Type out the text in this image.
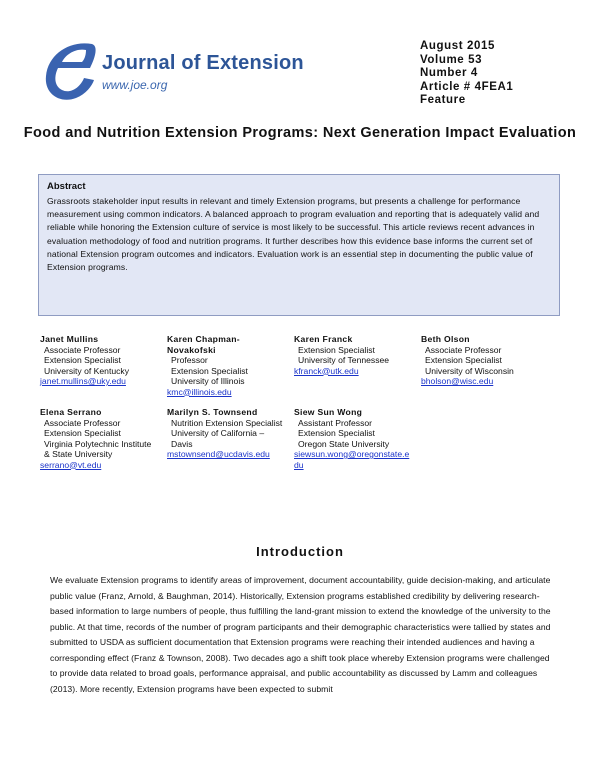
Journal of Extension
www.joe.org
August 2015
Volume 53
Number 4
Article # 4FEA1
Feature
Food and Nutrition Extension Programs: Next Generation Impact Evaluation
Abstract
Grassroots stakeholder input results in relevant and timely Extension programs, but presents a challenge for performance measurement using common indicators. A balanced approach to program evaluation and reporting that is adequately valid and reliable while honoring the Extension culture of service is most likely to be successful. This article reviews recent advances in evaluation methodology of food and nutrition programs. It further describes how this evidence base informs the current set of national Extension program outcomes and indicators. Evaluation work is an essential step in documenting the public value of Extension programs.
Janet Mullins
Associate Professor
Extension Specialist
University of Kentucky
janet.mullins@uky.edu
Karen Chapman-Novakofski
Professor
Extension Specialist
University of Illinois
kmc@illinois.edu
Karen Franck
Extension Specialist
University of Tennessee
kfranck@utk.edu
Beth Olson
Associate Professor
Extension Specialist
University of Wisconsin
bholson@wisc.edu
Elena Serrano
Associate Professor
Extension Specialist
Virginia Polytechnic Institute & State University
serrano@vt.edu
Marilyn S. Townsend
Nutrition Extension Specialist
University of California – Davis
mstownsend@ucdavis.edu
Siew Sun Wong
Assistant Professor
Extension Specialist
Oregon State University
siewsun.wong@oregonstate.edu
Introduction
We evaluate Extension programs to identify areas of improvement, document accountability, guide decision-making, and articulate public value (Franz, Arnold, & Baughman, 2014). Historically, Extension programs established credibility by delivering research-based information to large numbers of people, thus fulfilling the land-grant mission to extend the knowledge of the university to the public. At that time, records of the number of program participants and their demographic characteristics were tallied by states and submitted to USDA as sufficient documentation that Extension programs were reaching their intended audiences and having a corresponding effect (Franz & Townson, 2008). Two decades ago a shift took place whereby Extension programs were challenged to provide data related to broad goals, performance appraisal, and public accountability as discussed by Lamm and colleagues (2013). More recently, Extension programs have been expected to submit
